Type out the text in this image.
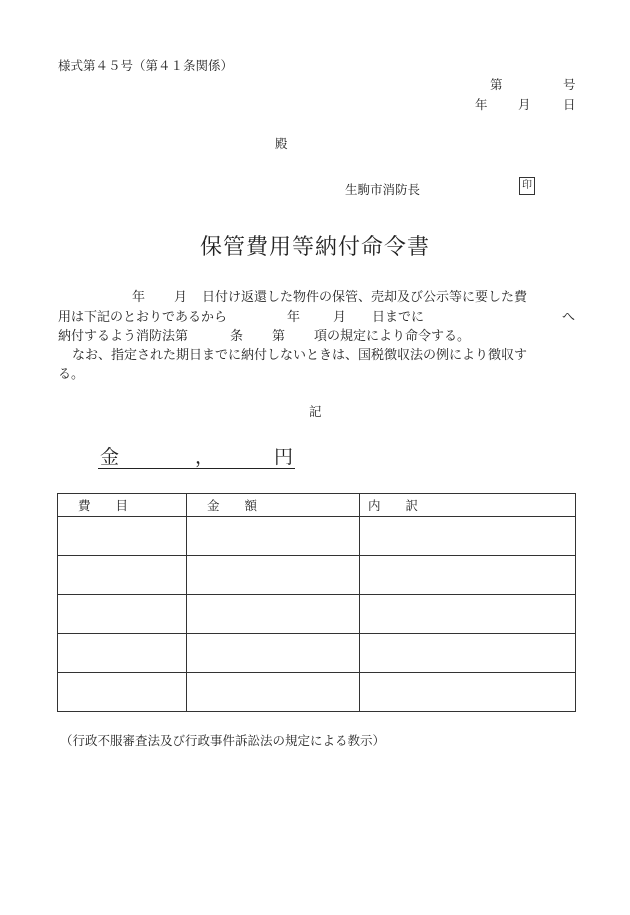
様式第４５号（第４１条関係）
第	号
年 月	日
殿
生駒市消防長	印
保管費用等納付命令書
年 月 日付け返還した物件の保管、売却及び公示等に要した費
用は下記のとおりであるから	年	月 日までに	へ
納付するよう消防法第	条 第 項の規定により命令する。
なお、指定された期日までに納付しないときは、国税徴収法の例により徴収す
る。
記
金	，	円
費　　目	金　　額	内　　訳

（行政不服審査法及び行政事件訴訟法の規定による教示）
